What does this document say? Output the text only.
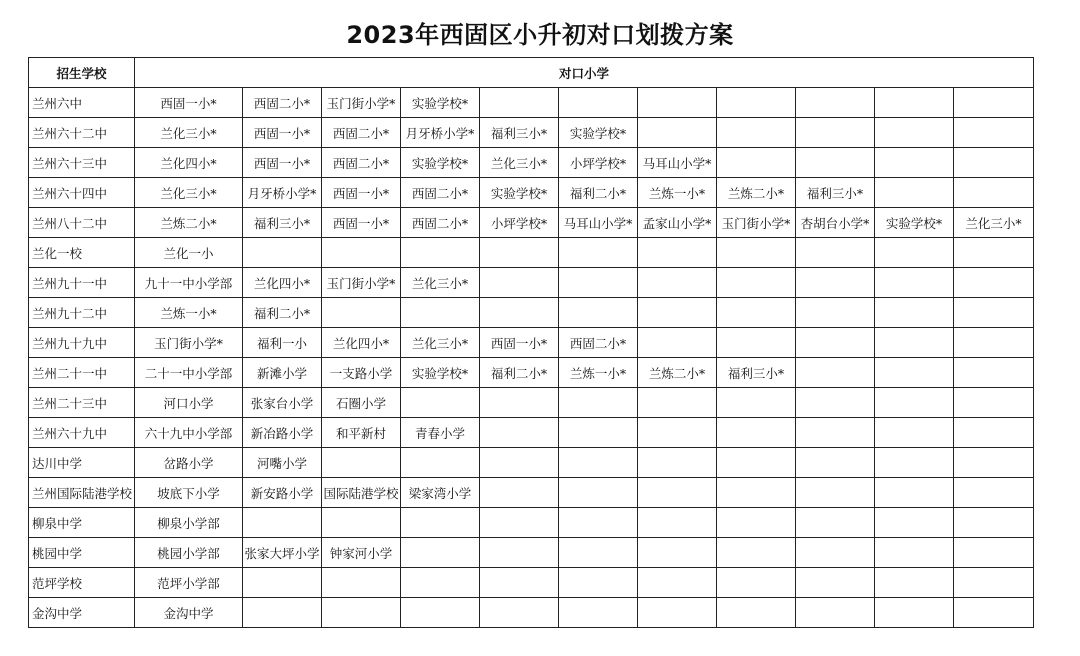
2023年西固区小升初对口划拨方案
招生学校	对口小学										
兰州六中	西固一小*	西固二小*	玉门街小学*	实验学校*							
兰州六十二中	兰化三小*	西固一小*	西固二小*	月牙桥小学*	福利三小*	实验学校*					
兰州六十三中	兰化四小*	西固一小*	西固二小*	实验学校*	兰化三小*	小坪学校*	马耳山小学*				
兰州六十四中	兰化三小*	月牙桥小学*	西固一小*	西固二小*	实验学校*	福利二小*	兰炼一小*	兰炼二小*	福利三小*		
兰州八十二中	兰炼二小*	福利三小*	西固一小*	西固二小*	小坪学校*	马耳山小学*	孟家山小学*	玉门街小学*	杏胡台小学*	实验学校*	兰化三小*
兰化一校	兰化一小										
兰州九十一中	九十一中小学部	兰化四小*	玉门街小学*	兰化三小*							
兰州九十二中	兰炼一小*	福利二小*									
兰州九十九中	玉门街小学*	福利一小	兰化四小*	兰化三小*	西固一小*	西固二小*					
兰州二十一中	二十一中小学部	新滩小学	一支路小学	实验学校*	福利二小*	兰炼一小*	兰炼二小*	福利三小*			
兰州二十三中	河口小学	张家台小学	石圈小学								
兰州六十九中	六十九中小学部	新冶路小学	和平新村	青春小学							
达川中学	岔路小学	河嘴小学									
兰州国际陆港学校	坡底下小学	新安路小学	国际陆港学校	梁家湾小学							
柳泉中学	柳泉小学部										
桃园中学	桃园小学部	张家大坪小学	钟家河小学								
范坪学校	范坪小学部										
金沟中学	金沟中学										
